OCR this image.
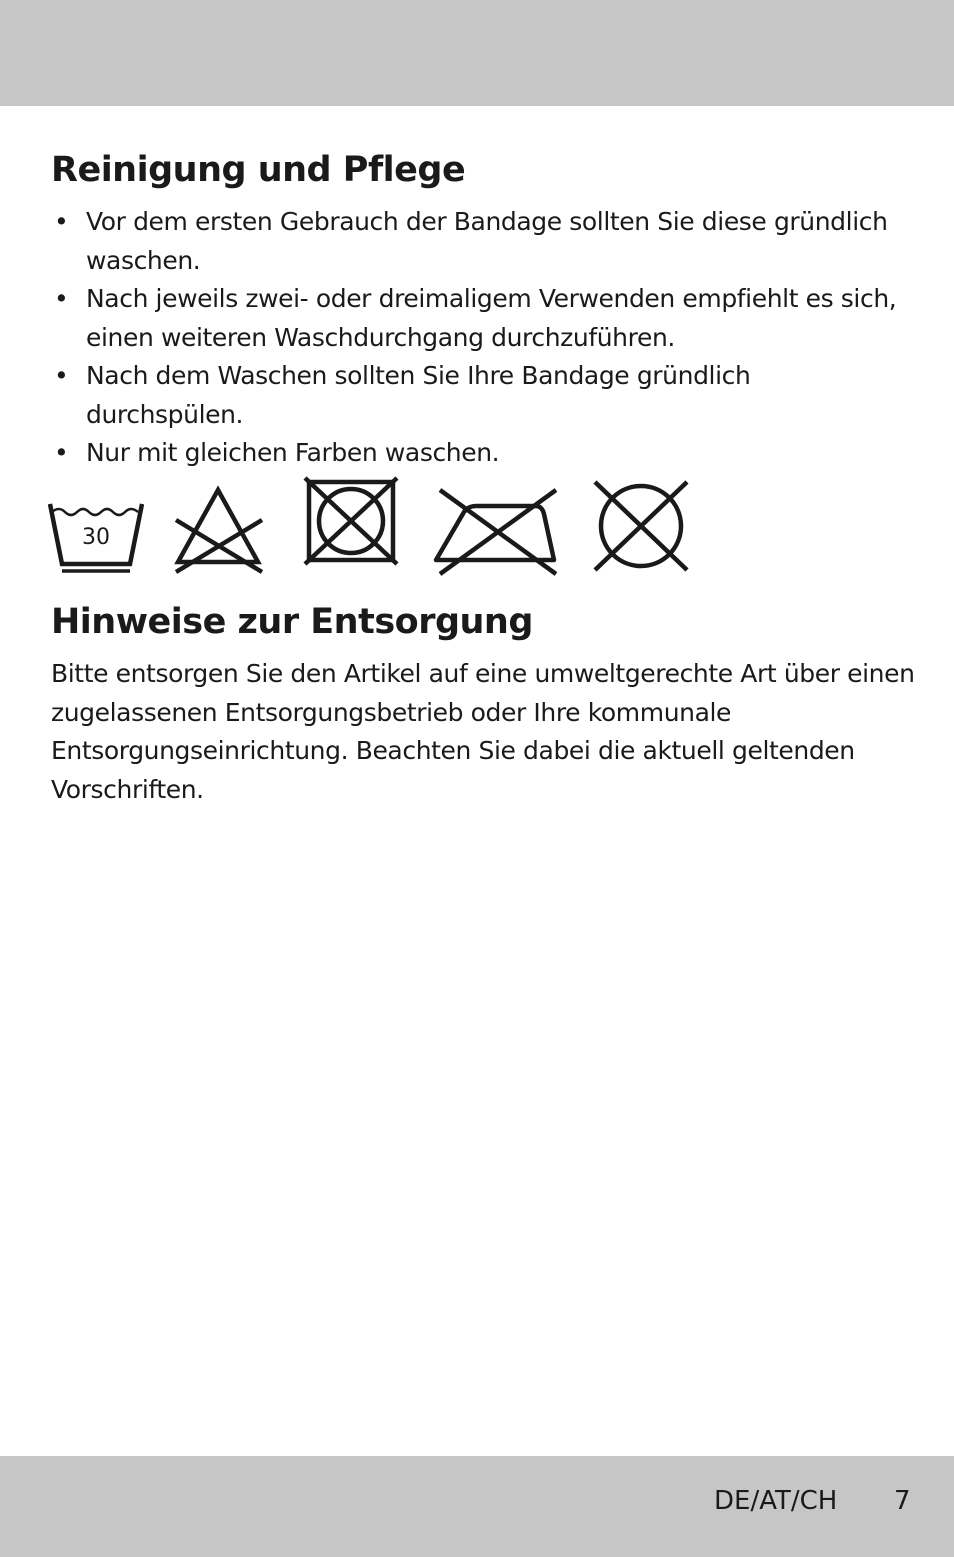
Reinigung und Pflege
• Vor dem ersten Gebrauch der Bandage sollten Sie diese gründlich waschen.
• Nach jeweils zwei- oder dreimaligem Verwenden empfiehlt es sich, einen weiteren Waschdurchgang durchzuführen.
• Nach dem Waschen sollten Sie Ihre Bandage gründlich durchspülen.
• Nur mit gleichen Farben waschen.
30
Hinweise zur Entsorgung

Bitte entsorgen Sie den Artikel auf eine umweltgerechte Art über einen zugelassenen Entsorgungsbetrieb oder Ihre kommunale Entsorgungseinrichtung. Beachten Sie dabei die aktuell geltenden Vorschriften.

DE/AT/CH 7
